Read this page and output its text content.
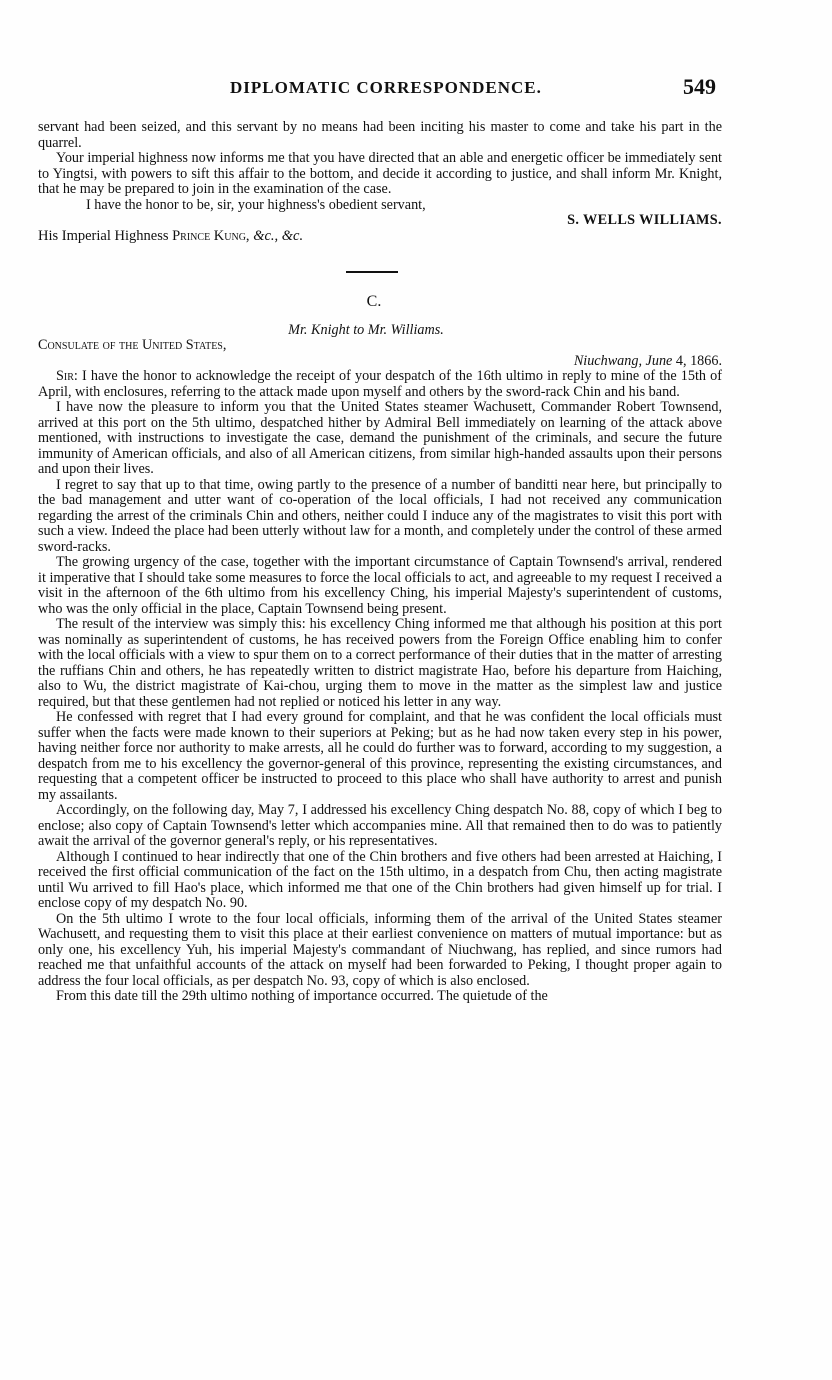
DIPLOMATIC CORRESPONDENCE.	549

servant had been seized, and this servant by no means had been inciting his master to come and take his part in the quarrel.

Your imperial highness now informs me that you have directed that an able and energetic officer be immediately sent to Yingtsi, with powers to sift this affair to the bottom, and decide it according to justice, and shall inform Mr. Knight, that he may be prepared to join in the examination of the case.

I have the honor to be, sir, your highness's obedient servant,

S. WELLS WILLIAMS.

His Imperial Highness Prince Kung, &c., &c.

C.
Mr. Knight to Mr. Williams.

Consulate of the United States,

Niuchwang, June 4, 1866.

Sir: I have the honor to acknowledge the receipt of your despatch of the 16th ultimo in reply to mine of the 15th of April, with enclosures, referring to the attack made upon myself and others by the sword-rack Chin and his band.

I have now the pleasure to inform you that the United States steamer Wachusett, Commander Robert Townsend, arrived at this port on the 5th ultimo, despatched hither by Admiral Bell immediately on learning of the attack above mentioned, with instructions to investigate the case, demand the punishment of the criminals, and secure the future immunity of American officials, and also of all American citizens, from similar high-handed assaults upon their persons and upon their lives.

I regret to say that up to that time, owing partly to the presence of a number of banditti near here, but principally to the bad management and utter want of co-operation of the local officials, I had not received any communication regarding the arrest of the criminals Chin and others, neither could I induce any of the magistrates to visit this port with such a view. Indeed the place had been utterly without law for a month, and completely under the control of these armed sword-racks.

The growing urgency of the case, together with the important circumstance of Captain Townsend's arrival, rendered it imperative that I should take some measures to force the local officials to act, and agreeable to my request I received a visit in the afternoon of the 6th ultimo from his excellency Ching, his imperial Majesty's superintendent of customs, who was the only official in the place, Captain Townsend being present.

The result of the interview was simply this: his excellency Ching informed me that although his position at this port was nominally as superintendent of customs, he has received powers from the Foreign Office enabling him to confer with the local officials with a view to spur them on to a correct performance of their duties that in the matter of arresting the ruffians Chin and others, he has repeatedly written to district magistrate Hao, before his departure from Haiching, also to Wu, the district magistrate of Kai-chou, urging them to move in the matter as the simplest law and justice required, but that these gentlemen had not replied or noticed his letter in any way.

He confessed with regret that I had every ground for complaint, and that he was confident the local officials must suffer when the facts were made known to their superiors at Peking; but as he had now taken every step in his power, having neither force nor authority to make arrests, all he could do further was to forward, according to my suggestion, a despatch from me to his excellency the governor-general of this province, representing the existing circumstances, and requesting that a competent officer be instructed to proceed to this place who shall have authority to arrest and punish my assailants.

Accordingly, on the following day, May 7, I addressed his excellency Ching despatch No. 88, copy of which I beg to enclose; also copy of Captain Townsend's letter which accompanies mine. All that remained then to do was to patiently await the arrival of the governor general's reply, or his representatives.

Although I continued to hear indirectly that one of the Chin brothers and five others had been arrested at Haiching, I received the first official communication of the fact on the 15th ultimo, in a despatch from Chu, then acting magistrate until Wu arrived to fill Hao's place, which informed me that one of the Chin brothers had given himself up for trial. I enclose copy of my despatch No. 90.

On the 5th ultimo I wrote to the four local officials, informing them of the arrival of the United States steamer Wachusett, and requesting them to visit this place at their earliest convenience on matters of mutual importance: but as only one, his excellency Yuh, his imperial Majesty's commandant of Niuchwang, has replied, and since rumors had reached me that unfaithful accounts of the attack on myself had been forwarded to Peking, I thought proper again to address the four local officials, as per despatch No. 93, copy of which is also enclosed.

From this date till the 29th ultimo nothing of importance occurred. The quietude of the
